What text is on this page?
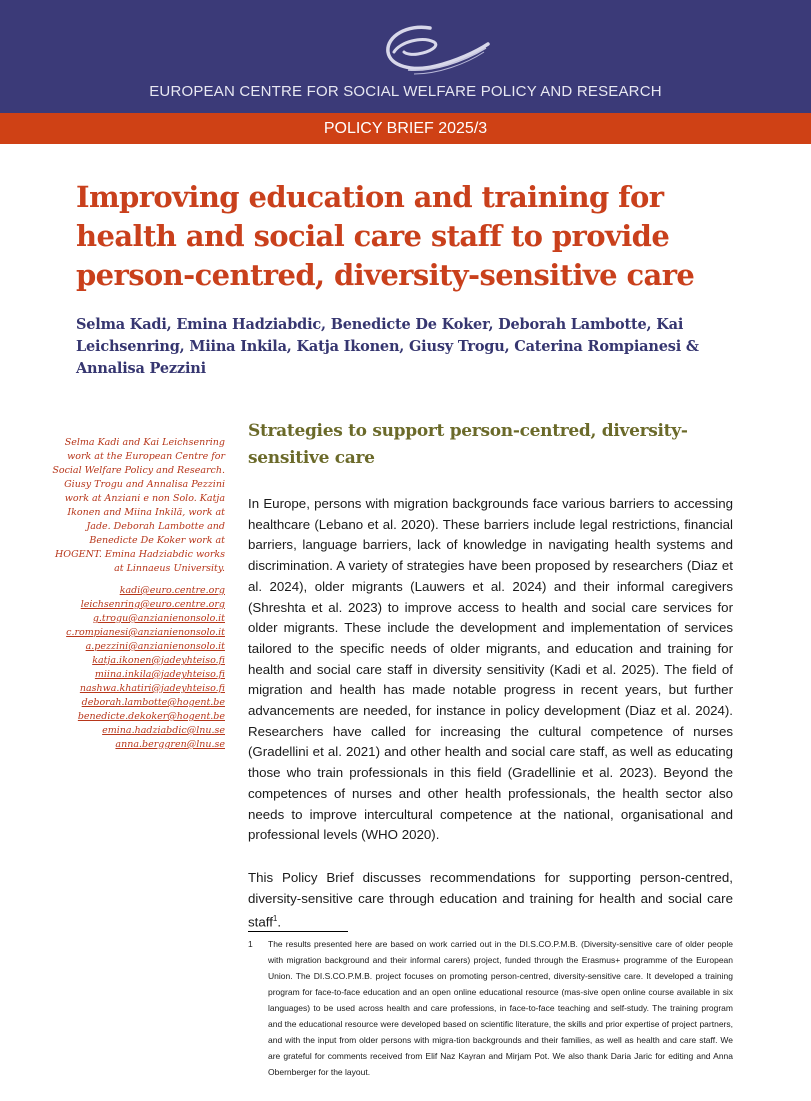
EUROPEAN CENTRE FOR SOCIAL WELFARE POLICY AND RESEARCH
POLICY BRIEF 2025/3
Improving education and training for health and social care staff to provide person-centred, diversity-sensitive care

Selma Kadi, Emina Hadziabdic, Benedicte De Koker, Deborah Lambotte, Kai Leichsenring, Miina Inkila, Katja Ikonen, Giusy Trogu, Caterina Rompianesi & Annalisa Pezzini

Selma Kadi and Kai Leichsenring work at the European Centre for Social Welfare Policy and Research. Giusy Trogu and Annalisa Pezzini work at Anziani e non Solo. Katja Ikonen and Miina Inkilä, work at Jade. Deborah Lambotte and Benedicte De Koker work at HOGENT. Emina Hadziabdic works at Linnaeus University.

kadi@euro.centre.org
leichsenring@euro.centre.org
g.trogu@anzianienonsolo.it
c.rompianesi@anzianienonsolo.it
a.pezzini@anzianienonsolo.it
katja.ikonen@jadeyhteiso.fi
miina.inkila@jadeyhteiso.fi
nashwa.khatiri@jadeyhteiso.fi
deborah.lambotte@hogent.be
benedicte.dekoker@hogent.be
emina.hadziabdic@lnu.se
anna.berggren@lnu.se
Strategies to support person-centred, diversity-sensitive care

In Europe, persons with migration backgrounds face various barriers to accessing healthcare (Lebano et al. 2020). These barriers include legal restrictions, financial barriers, language barriers, lack of knowledge in navigating health systems and discrimination. A variety of strategies have been proposed by researchers (Diaz et al. 2024), older migrants (Lauwers et al. 2024) and their informal caregivers (Shreshta et al. 2023) to improve access to health and social care services for older migrants. These include the development and implementation of services tailored to the specific needs of older migrants, and education and training for health and social care staff in diversity sensitivity (Kadi et al. 2025). The field of migration and health has made notable progress in recent years, but further advancements are needed, for instance in policy development (Diaz et al. 2024). Researchers have called for increasing the cultural competence of nurses (Gradellini et al. 2021) and other health and social care staff, as well as educating those who train professionals in this field (Gradellinie et al. 2023). Beyond the competences of nurses and other health professionals, the health sector also needs to improve intercultural competence at the national, organisational and professional levels (WHO 2020).

This Policy Brief discusses recommendations for supporting person-centred, diversity-sensitive care through education and training for health and social care staff$^1$.

1 The results presented here are based on work carried out in the DI.S.CO.P.M.B. (Diversity-sensitive care of older people with migration background and their informal carers) project, funded through the Erasmus+ programme of the European Union. The DI.S.CO.P.M.B. project focuses on promoting person-centred, diversity-sensitive care. It developed a training program for face-to-face education and an open online educational resource (mas-sive open online course available in six languages) to be used across health and care professions, in face-to-face teaching and self-study. The training program and the educational resource were developed based on scientific literature, the skills and prior expertise of project partners, and with the input from older persons with migra-tion backgrounds and their families, as well as health and care staff. We are grateful for comments received from Elif Naz Kayran and Mirjam Pot. We also thank Daria Jaric for editing and Anna Obernberger for the layout.
